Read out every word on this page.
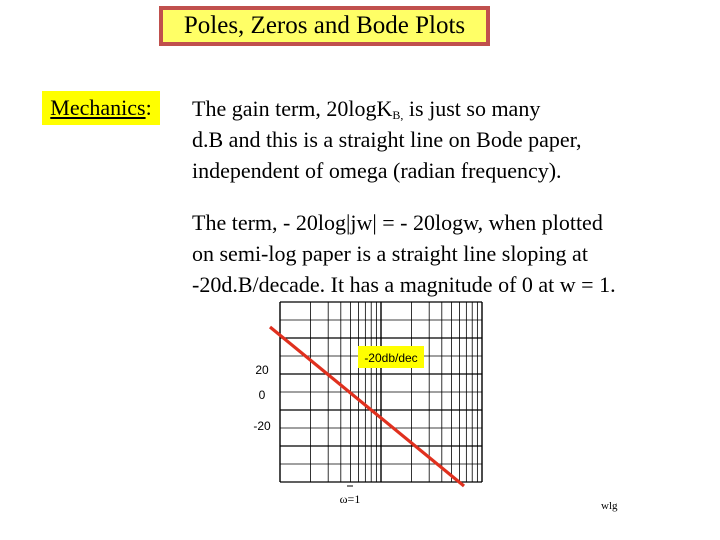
Poles, Zeros and Bode Plots
Mechanics : The gain term, 20logK$_{B,}$ is just so many
d.B and this is a straight line on Bode paper,
independent of omega (radian frequency).

The term, - 20log|jw| = - 20logw, when plotted
on semi-log paper is a straight line sloping at
-20d.B/decade. It has a magnitude of 0 at w = 1.

-20db/dec
20
0
-20
ω=1	wlg
